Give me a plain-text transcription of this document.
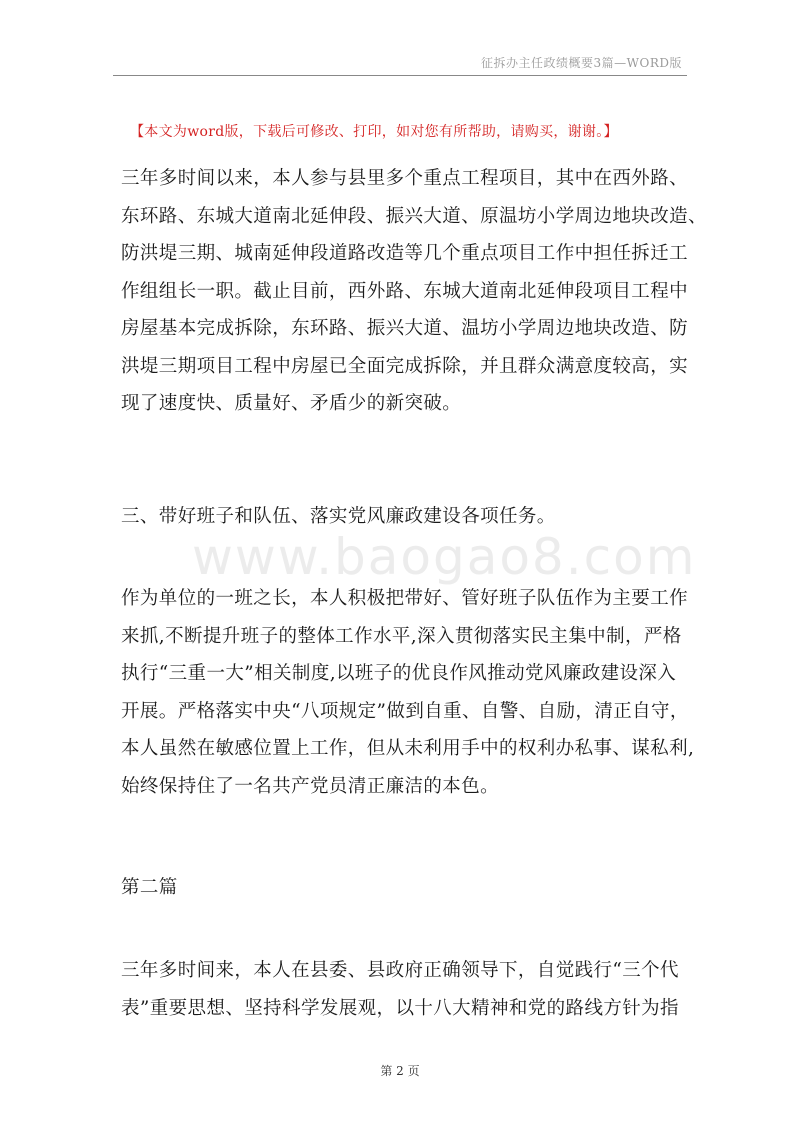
征拆办主任政绩概要3篇—WORD版
【本文为word版，下载后可修改、打印，如对您有所帮助，请购买，谢谢。】
www.baogao8.com
三年多时间以来，本人参与县里多个重点工程项目，其中在西外路、
东环路、东城大道南北延伸段、振兴大道、原温坊小学周边地块改造、
防洪堤三期、城南延伸段道路改造等几个重点项目工作中担任拆迁工
作组组长一职。截止目前，西外路、东城大道南北延伸段项目工程中
房屋基本完成拆除，东环路、振兴大道、温坊小学周边地块改造、防
洪堤三期项目工程中房屋已全面完成拆除，并且群众满意度较高，实
现了速度快、质量好、矛盾少的新突破。
三、带好班子和队伍、落实党风廉政建设各项任务。
作为单位的一班之长，本人积极把带好、管好班子队伍作为主要工作
来抓,不断提升班子的整体工作水平,深入贯彻落实民主集中制，严格
执行“三重一大”相关制度,以班子的优良作风推动党风廉政建设深入
开展。严格落实中央“八项规定”做到自重、自警、自励，清正自守，
本人虽然在敏感位置上工作，但从未利用手中的权利办私事、谋私利,
始终保持住了一名共产党员清正廉洁的本色。
第二篇
三年多时间来，本人在县委、县政府正确领导下，自觉践行“三个代
表”重要思想、坚持科学发展观，以十八大精神和党的路线方针为指
第 2 页
